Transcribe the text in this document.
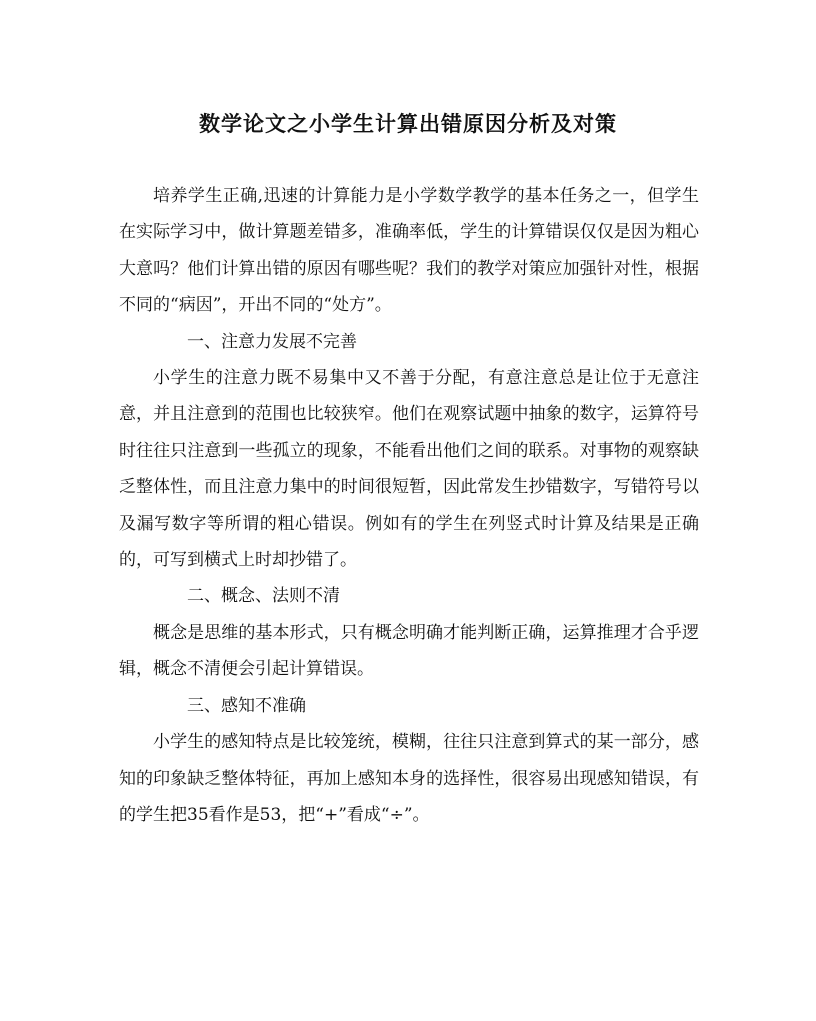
数学论文之小学生计算出错原因分析及对策

培养学生正确,迅速的计算能力是小学数学教学的基本任务之一，但学生在实际学习中，做计算题差错多，准确率低，学生的计算错误仅仅是因为粗心大意吗？他们计算出错的原因有哪些呢？我们的教学对策应加强针对性，根据不同的“病因”，开出不同的“处方”。

一、注意力发展不完善

小学生的注意力既不易集中又不善于分配，有意注意总是让位于无意注意，并且注意到的范围也比较狭窄。他们在观察试题中抽象的数字，运算符号时往往只注意到一些孤立的现象，不能看出他们之间的联系。对事物的观察缺乏整体性，而且注意力集中的时间很短暂，因此常发生抄错数字，写错符号以及漏写数字等所谓的粗心错误。例如有的学生在列竖式时计算及结果是正确的，可写到横式上时却抄错了。

二、概念、法则不清

概念是思维的基本形式，只有概念明确才能判断正确，运算推理才合乎逻辑，概念不清便会引起计算错误。

三、感知不准确

小学生的感知特点是比较笼统，模糊，往往只注意到算式的某一部分，感知的印象缺乏整体特征，再加上感知本身的选择性，很容易出现感知错误，有的学生把35看作是53，把“+”看成“÷”。
